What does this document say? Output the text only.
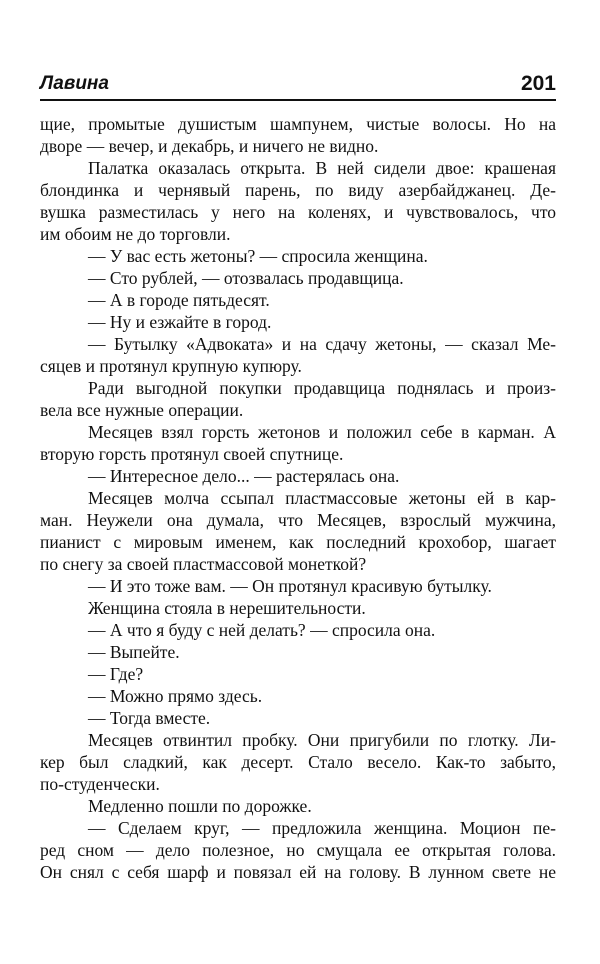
Лавина	201
щие, промытые душистым шампунем, чистые волосы. Но на
дворе — вечер, и декабрь, и ничего не видно.
Палатка оказалась открыта. В ней сидели двое: крашеная
блондинка и чернявый парень, по виду азербайджанец. Де-
вушка разместилась у него на коленях, и чувствовалось, что
им обоим не до торговли.
— У вас есть жетоны? — спросила женщина.
— Сто рублей, — отозвалась продавщица.
— А в городе пятьдесят.
— Ну и езжайте в город.
— Бутылку «Адвоката» и на сдачу жетоны, — сказал Ме-
сяцев и протянул крупную купюру.
Ради выгодной покупки продавщица поднялась и произ-
вела все нужные операции.
Месяцев взял горсть жетонов и положил себе в карман. А
вторую горсть протянул своей спутнице.
— Интересное дело... — растерялась она.
Месяцев молча ссыпал пластмассовые жетоны ей в кар-
ман. Неужели она думала, что Месяцев, взрослый мужчина,
пианист с мировым именем, как последний крохобор, шагает
по снегу за своей пластмассовой монеткой?
— И это тоже вам. — Он протянул красивую бутылку.
Женщина стояла в нерешительности.
— А что я буду с ней делать? — спросила она.
— Выпейте.
— Где?
— Можно прямо здесь.
— Тогда вместе.
Месяцев отвинтил пробку. Они пригубили по глотку. Ли-
кер был сладкий, как десерт. Стало весело. Как-то забыто,
по-студенчески.
Медленно пошли по дорожке.
— Сделаем круг, — предложила женщина. Моцион пе-
ред сном — дело полезное, но смущала ее открытая голова.
Он снял с себя шарф и повязал ей на голову. В лунном свете не
